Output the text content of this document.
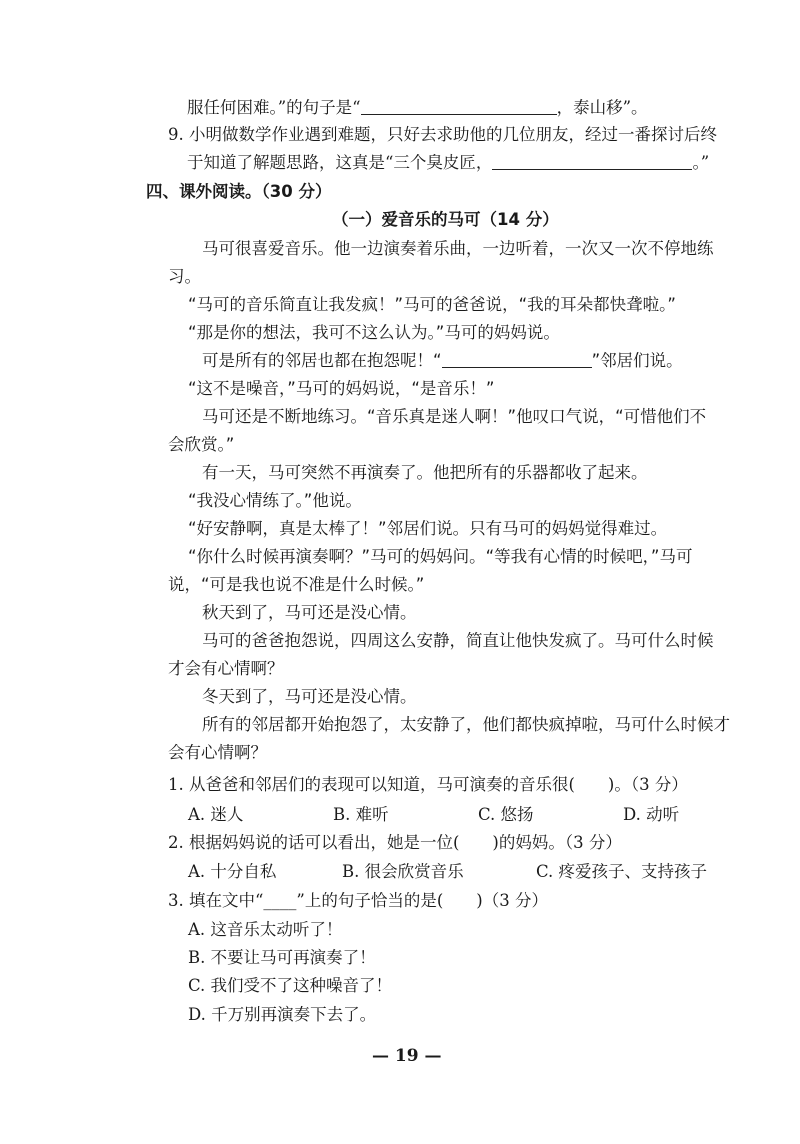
服任何困难。”的句子是“	，泰山移”。
9. 小明做数学作业遇到难题，只好去求助他的几位朋友，经过一番探讨后终
于知道了解题思路，这真是“三个臭皮匠，	。”
四、课外阅读。（30 分）
（一）爱音乐的马可（14 分）
马可很喜爱音乐。他一边演奏着乐曲，一边听着，一次又一次不停地练
习。
“马可的音乐简直让我发疯！”马可的爸爸说，“我的耳朵都快聋啦。”
“那是你的想法，我可不这么认为。”马可的妈妈说。
可是所有的邻居也都在抱怨呢！“	”邻居们说。
“这不是噪音，”马可的妈妈说，“是音乐！”
马可还是不断地练习。“音乐真是迷人啊！”他叹口气说，“可惜他们不
会欣赏。”
有一天，马可突然不再演奏了。他把所有的乐器都收了起来。
“我没心情练了。”他说。
“好安静啊，真是太棒了！”邻居们说。只有马可的妈妈觉得难过。
“你什么时候再演奏啊？”马可的妈妈问。“等我有心情的时候吧，”马可
说，“可是我也说不准是什么时候。”
秋天到了，马可还是没心情。
马可的爸爸抱怨说，四周这么安静，简直让他快发疯了。马可什么时候
才会有心情啊？
冬天到了，马可还是没心情。
所有的邻居都开始抱怨了，太安静了，他们都快疯掉啦，马可什么时候才
会有心情啊？
1. 从爸爸和邻居们的表现可以知道，马可演奏的音乐很(　　)。（3 分）
A. 迷人	B. 难听	C. 悠扬	D. 动听
2. 根据妈妈说的话可以看出，她是一位(　　)的妈妈。（3 分）
A. 十分自私	B. 很会欣赏音乐	C. 疼爱孩子、支持孩子
3. 填在文中“____”上的句子恰当的是(　　)（3 分）
A. 这音乐太动听了！
B. 不要让马可再演奏了！
C. 我们受不了这种噪音了！
D. 千万别再演奏下去了。
— 19 —
